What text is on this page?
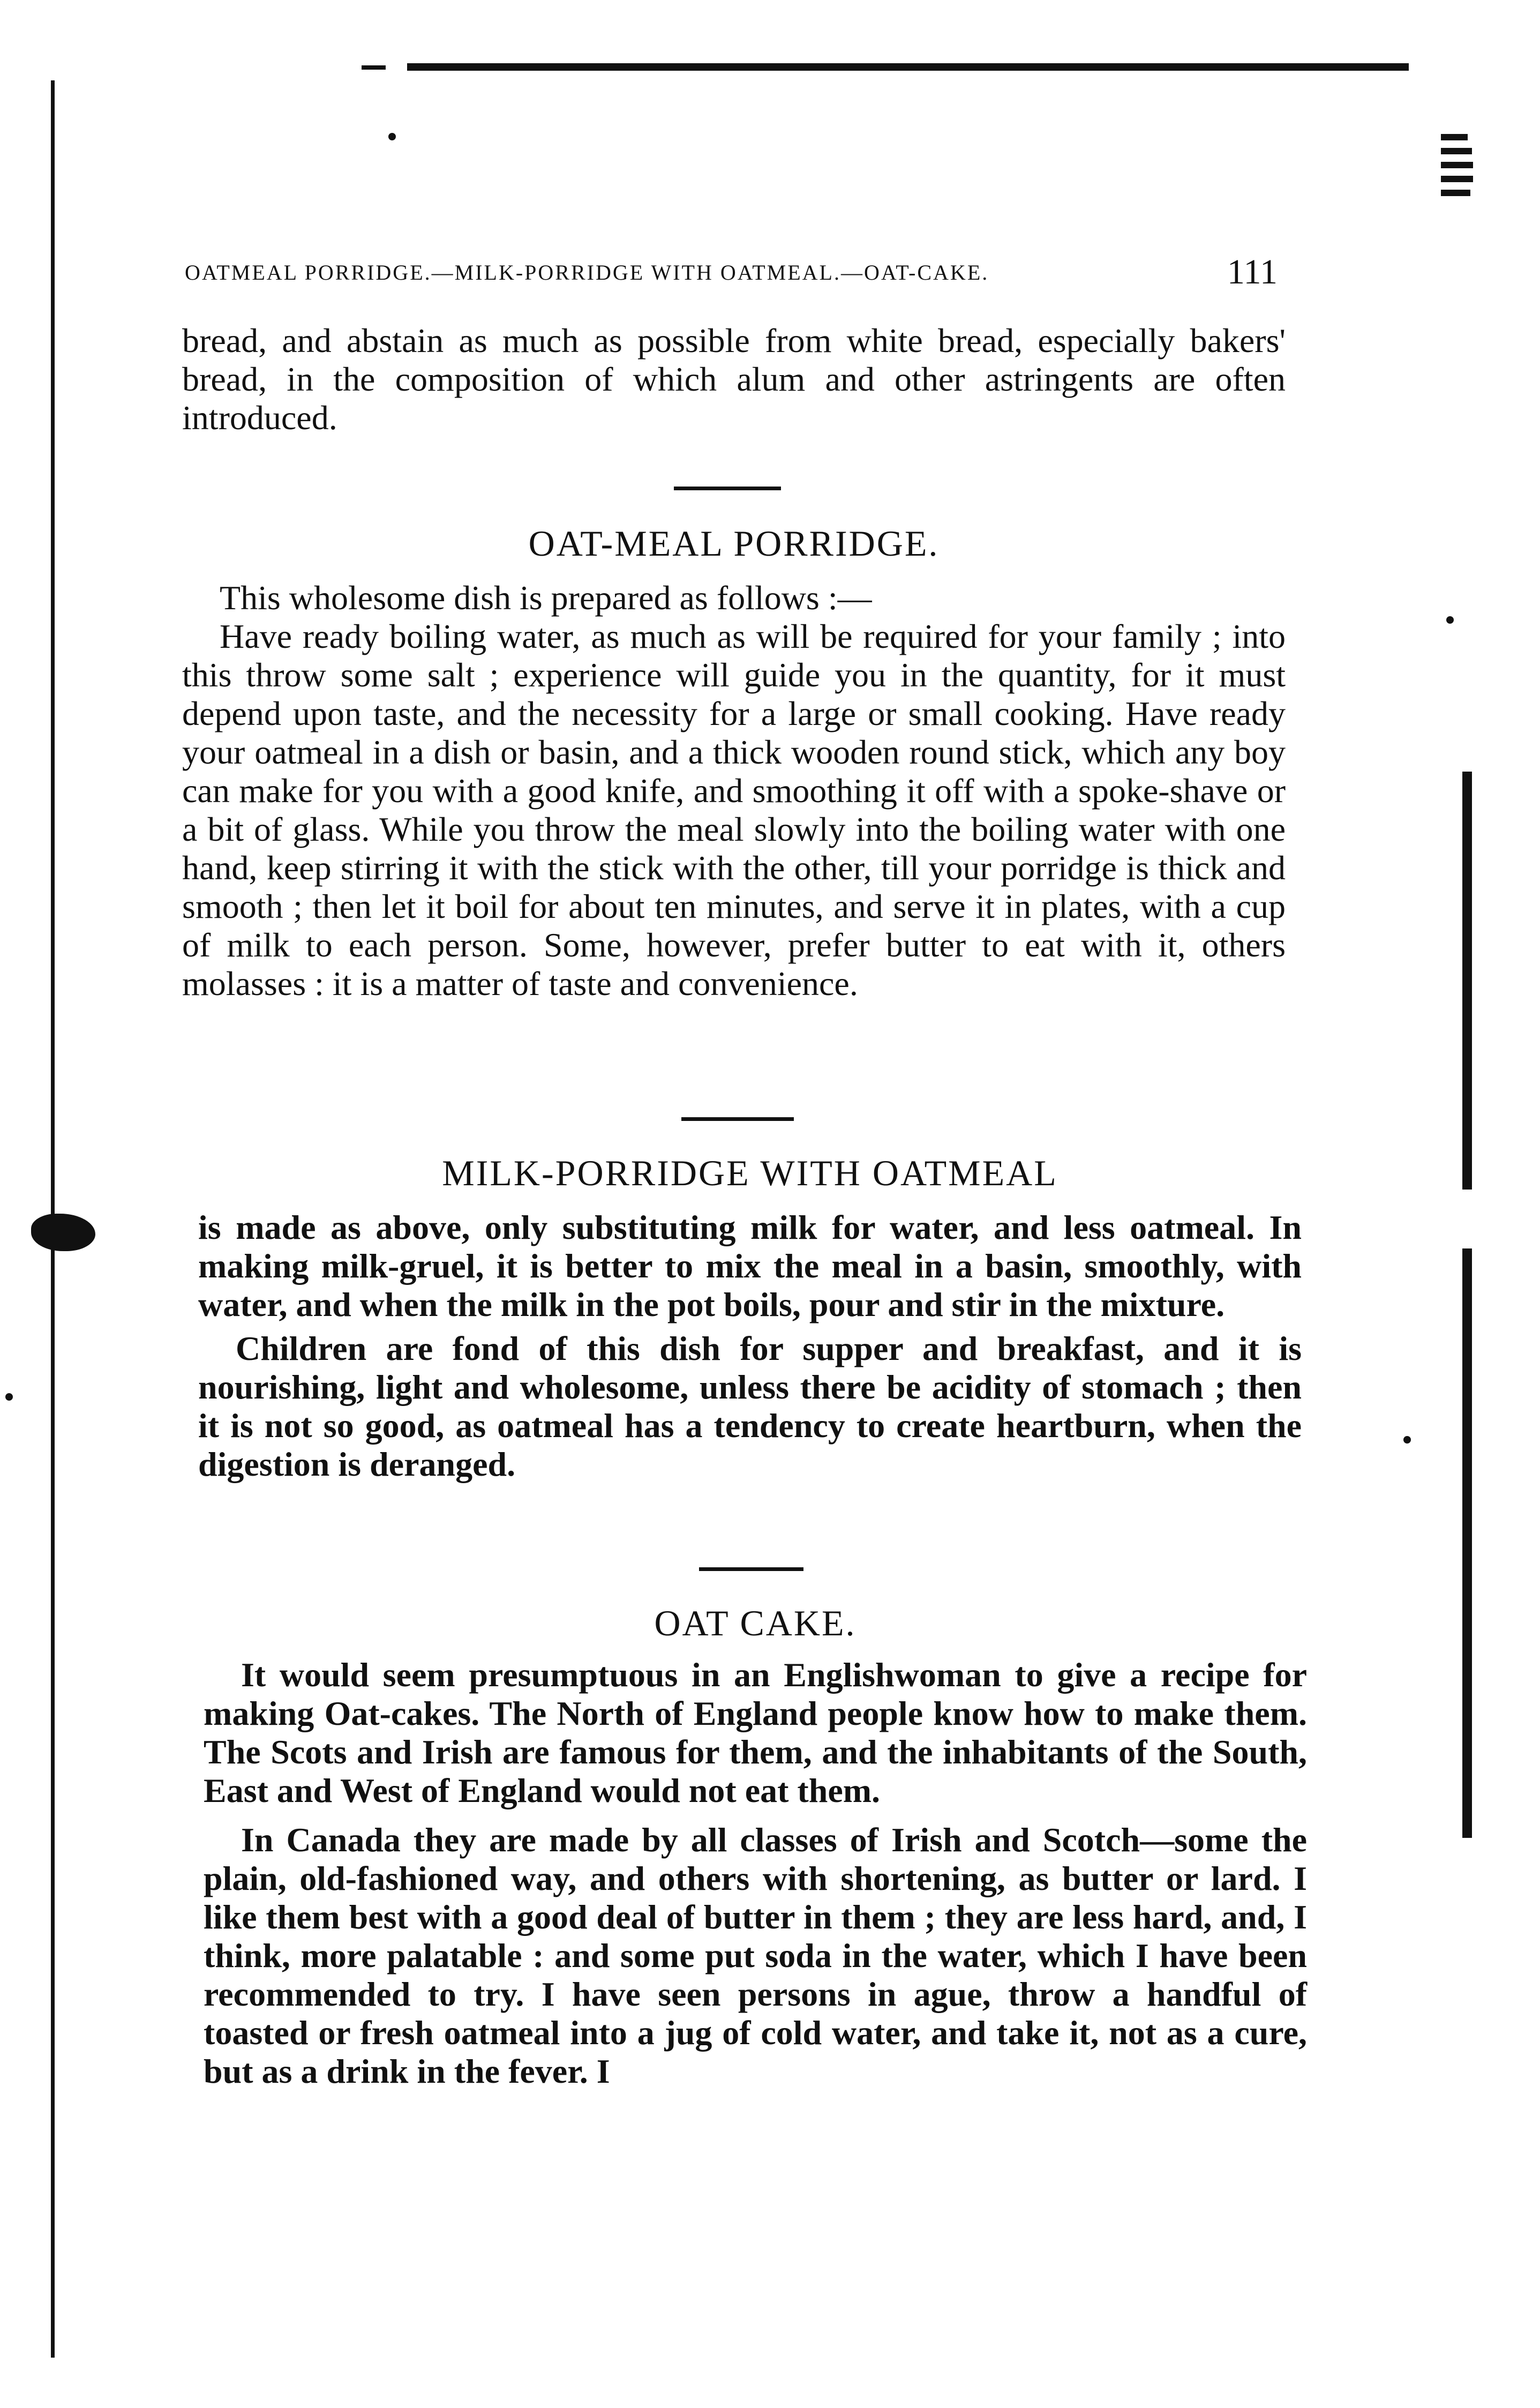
OATMEAL PORRIDGE.—MILK-PORRIDGE WITH OATMEAL.—OAT-CAKE.	111

bread, and abstain as much as possible from white bread, especially bakers' bread, in the composition of which alum and other astringents are often introduced.

OAT-MEAL PORRIDGE.

This wholesome dish is prepared as follows :—

Have ready boiling water, as much as will be required for your family ; into this throw some salt ; experience will guide you in the quantity, for it must depend upon taste, and the necessity for a large or small cooking. Have ready your oatmeal in a dish or basin, and a thick wooden round stick, which any boy can make for you with a good knife, and smoothing it off with a spoke-shave or a bit of glass. While you throw the meal slowly into the boiling water with one hand, keep stirring it with the stick with the other, till your porridge is thick and smooth ; then let it boil for about ten minutes, and serve it in plates, with a cup of milk to each person. Some, however, prefer butter to eat with it, others molasses : it is a matter of taste and convenience.

MILK-PORRIDGE WITH OATMEAL

is made as above, only substituting milk for water, and less oatmeal. In making milk-gruel, it is better to mix the meal in a basin, smoothly, with water, and when the milk in the pot boils, pour and stir in the mixture.

Children are fond of this dish for supper and breakfast, and it is nourishing, light and wholesome, unless there be acidity of stomach ; then it is not so good, as oatmeal has a tendency to create heartburn, when the digestion is deranged.

OAT CAKE.

It would seem presumptuous in an Englishwoman to give a recipe for making Oat-cakes. The North of England people know how to make them. The Scots and Irish are famous for them, and the inhabitants of the South, East and West of England would not eat them.

In Canada they are made by all classes of Irish and Scotch—some the plain, old-fashioned way, and others with shortening, as butter or lard. I like them best with a good deal of butter in them ; they are less hard, and, I think, more palatable : and some put soda in the water, which I have been recommended to try. I have seen persons in ague, throw a handful of toasted or fresh oatmeal into a jug of cold water, and take it, not as a cure, but as a drink in the fever. I
